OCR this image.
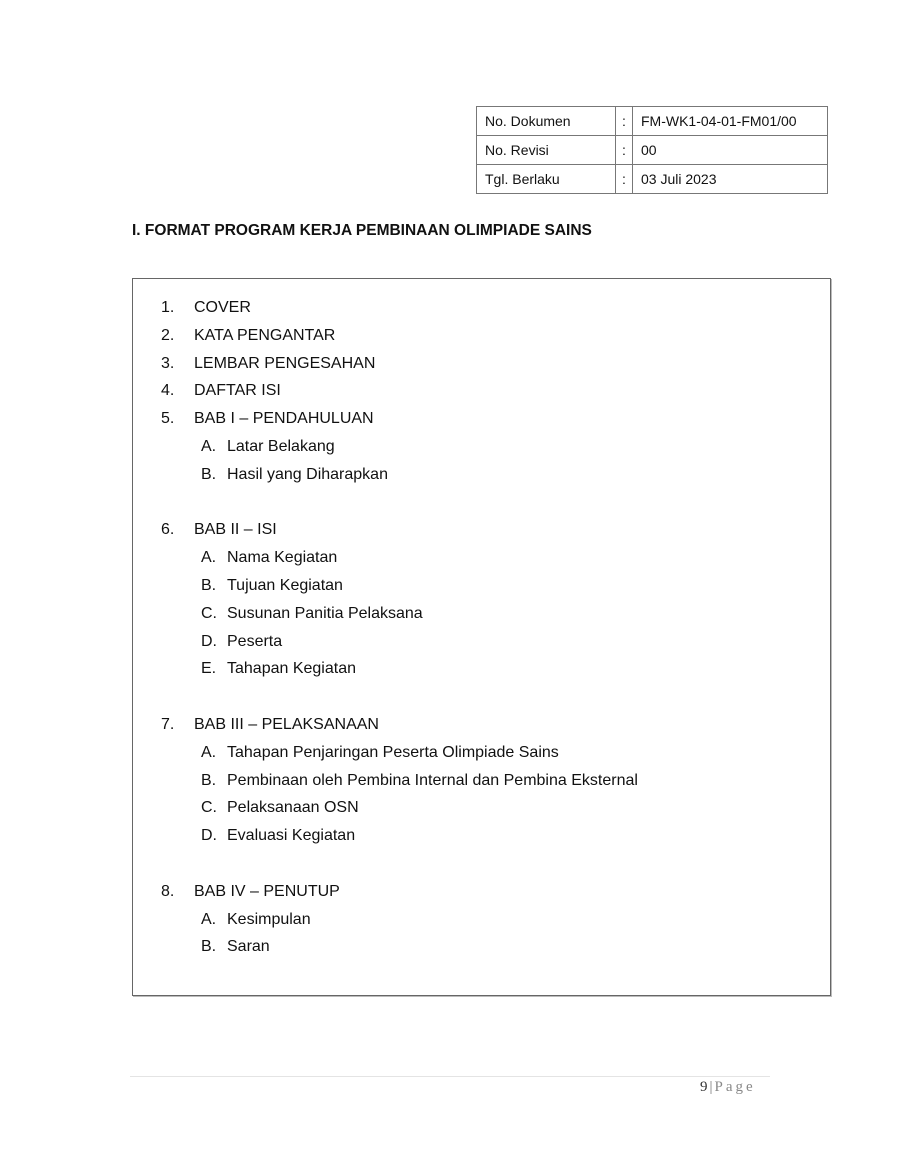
No. Dokumen	:	FM-WK1-04-01-FM01/00
No. Revisi	:	00
Tgl. Berlaku	:	03 Juli 2023
I. FORMAT PROGRAM KERJA PEMBINAAN OLIMPIADE SAINS
1. COVER
2. KATA PENGANTAR
3. LEMBAR PENGESAHAN
4. DAFTAR ISI
5. BAB I – PENDAHULUAN
A. Latar Belakang
B. Hasil yang Diharapkan
6. BAB II – ISI
A. Nama Kegiatan
B. Tujuan Kegiatan
C. Susunan Panitia Pelaksana
D. Peserta
E. Tahapan Kegiatan
7. BAB III – PELAKSANAAN
A. Tahapan Penjaringan Peserta Olimpiade Sains
B. Pembinaan oleh Pembina Internal dan Pembina Eksternal
C. Pelaksanaan OSN
D. Evaluasi Kegiatan
8. BAB IV – PENUTUP
A. Kesimpulan
B. Saran
9 | Page
